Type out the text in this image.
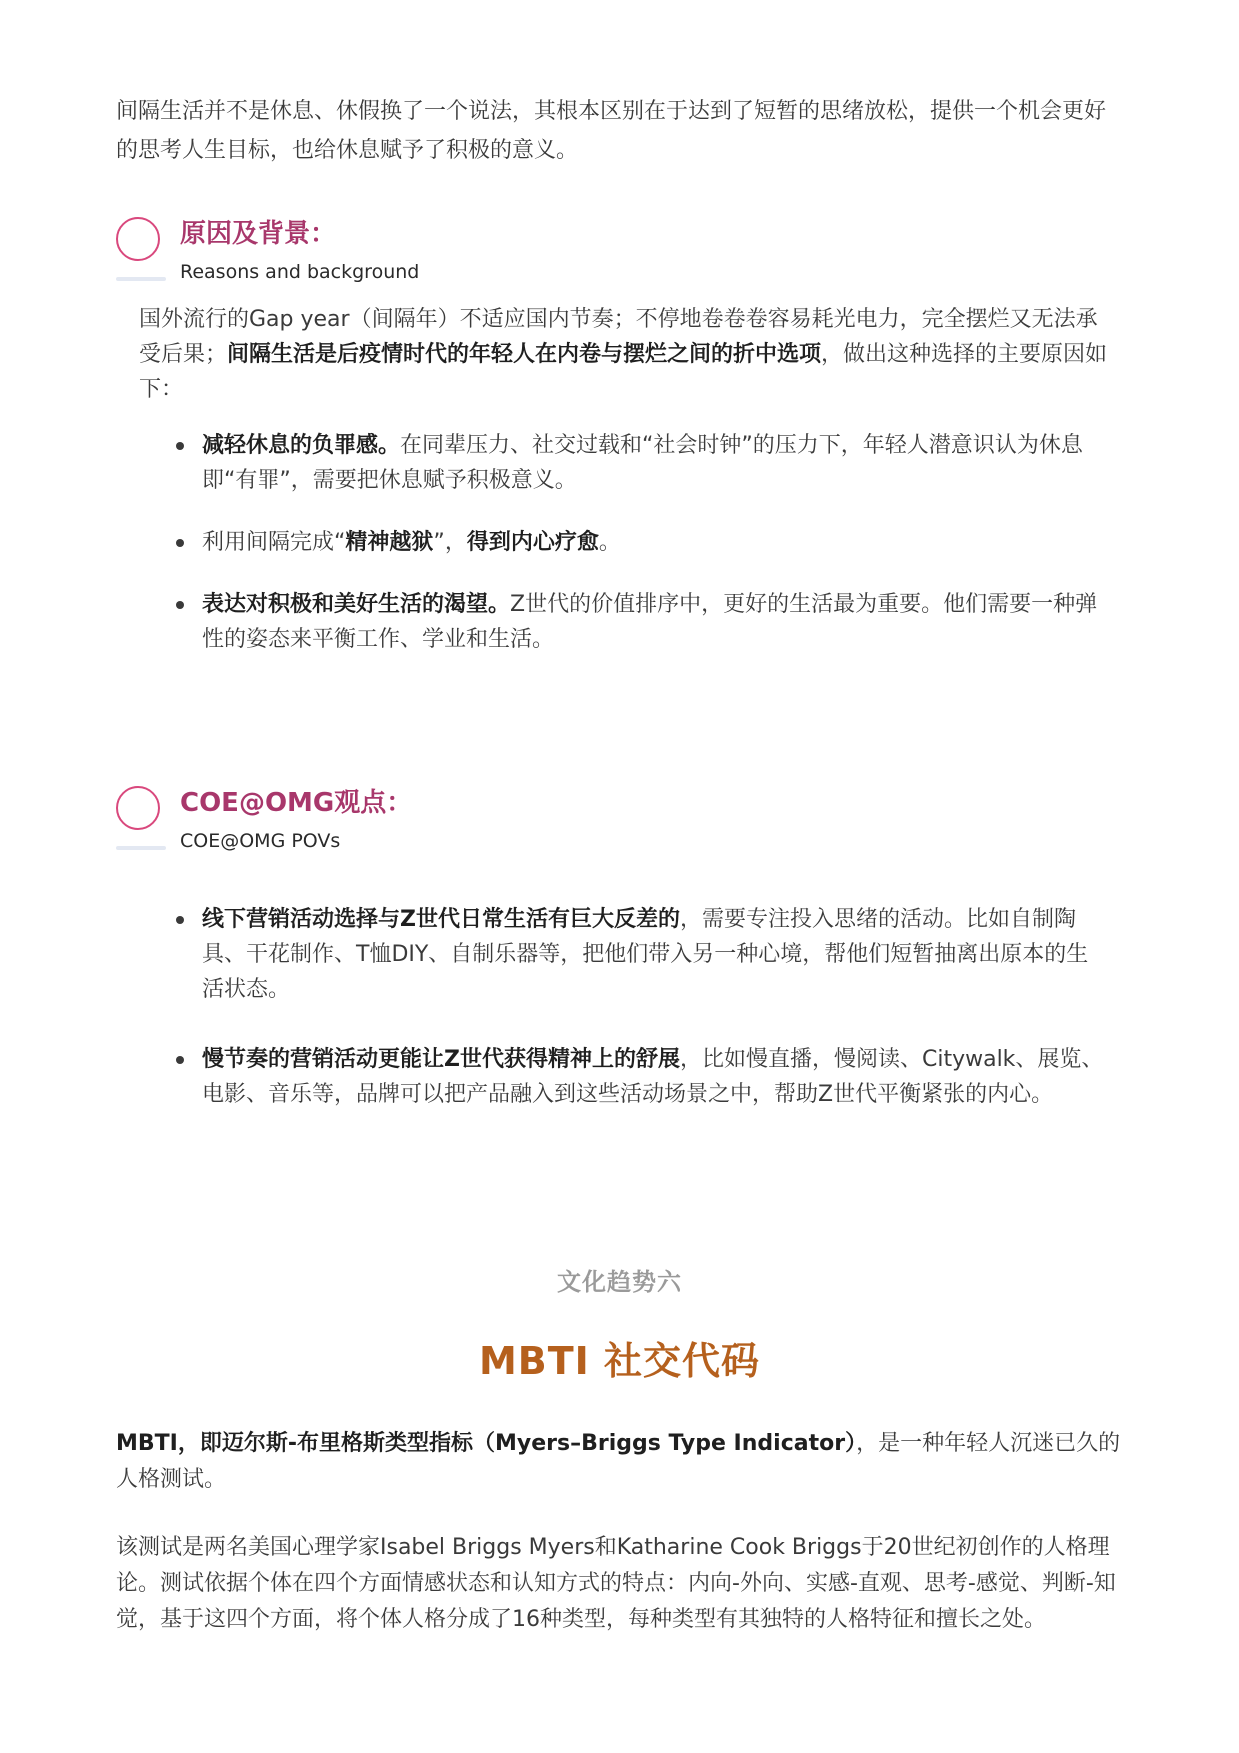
间隔生活并不是休息、休假换了一个说法，其根本区别在于达到了短暂的思绪放松，提供一个机会更好的思考人生目标，也给休息赋予了积极的意义。

原因及背景：
Reasons and background

国外流行的Gap year（间隔年）不适应国内节奏；不停地卷卷卷容易耗光电力，完全摆烂又无法承受后果；间隔生活是后疫情时代的年轻人在内卷与摆烂之间的折中选项，做出这种选择的主要原因如下：

减轻休息的负罪感。在同辈压力、社交过载和“社会时钟”的压力下，年轻人潜意识认为休息即“有罪”，需要把休息赋予积极意义。
利用间隔完成“精神越狱”，得到内心疗愈。
表达对积极和美好生活的渴望。Z世代的价值排序中，更好的生活最为重要。他们需要一种弹性的姿态来平衡工作、学业和生活。
COE@OMG观点：
COE@OMG POVs
线下营销活动选择与Z世代日常生活有巨大反差的，需要专注投入思绪的活动。比如自制陶具、干花制作、T恤DIY、自制乐器等，把他们带入另一种心境，帮他们短暂抽离出原本的生活状态。
慢节奏的营销活动更能让Z世代获得精神上的舒展，比如慢直播，慢阅读、Citywalk、展览、电影、音乐等，品牌可以把产品融入到这些活动场景之中，帮助Z世代平衡紧张的内心。
文化趋势六
MBTI 社交代码

MBTI，即迈尔斯-布里格斯类型指标（Myers–Briggs Type Indicator），是一种年轻人沉迷已久的人格测试。

该测试是两名美国心理学家Isabel Briggs Myers和Katharine Cook Briggs于20世纪初创作的人格理论。测试依据个体在四个方面情感状态和认知方式的特点：内向-外向、实感-直观、思考-感觉、判断-知觉，基于这四个方面，将个体人格分成了16种类型，每种类型有其独特的人格特征和擅长之处。
